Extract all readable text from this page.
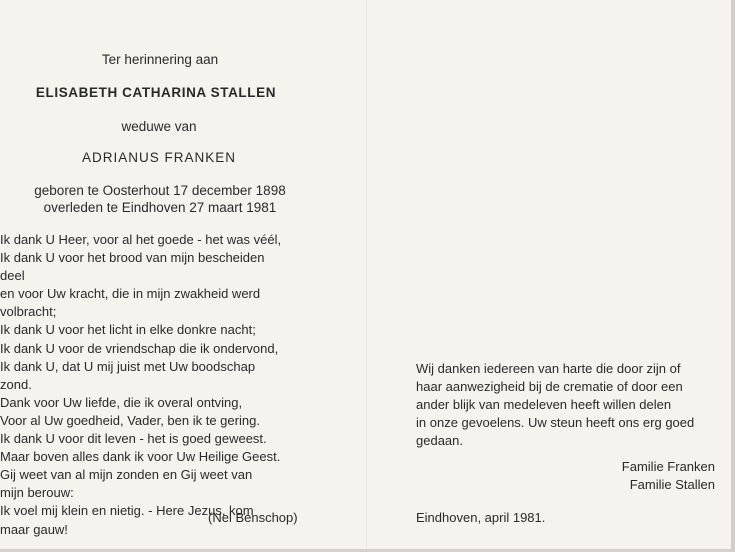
Ter herinnering aan
ELISABETH CATHARINA STALLEN
weduwe van
ADRIANUS FRANKEN
geboren te Oosterhout 17 december 1898
overleden te Eindhoven 27 maart 1981
Ik dank U Heer, voor al het goede - het was véél,
Ik dank U voor het brood van mijn bescheiden
deel
en voor Uw kracht, die in mijn zwakheid werd
volbracht;
Ik dank U voor het licht in elke donkre nacht;
Ik dank U voor de vriendschap die ik ondervond,
Ik dank U, dat U mij juist met Uw boodschap
zond.
Dank voor Uw liefde, die ik overal ontving,
Voor al Uw goedheid, Vader, ben ik te gering.
Ik dank U voor dit leven - het is goed geweest.
Maar boven alles dank ik voor Uw Heilige Geest.
Gij weet van al mijn zonden en Gij weet van
mijn berouw:
Ik voel mij klein en nietig. - Here Jezus, kom
maar gauw!
(Nel Benschop)
Wij danken iedereen van harte die door zijn of
haar aanwezigheid bij de crematie of door een
ander blijk van medeleven heeft willen delen
in onze gevoelens. Uw steun heeft ons erg goed
gedaan.
Familie Franken
Familie Stallen
Eindhoven, april 1981.
